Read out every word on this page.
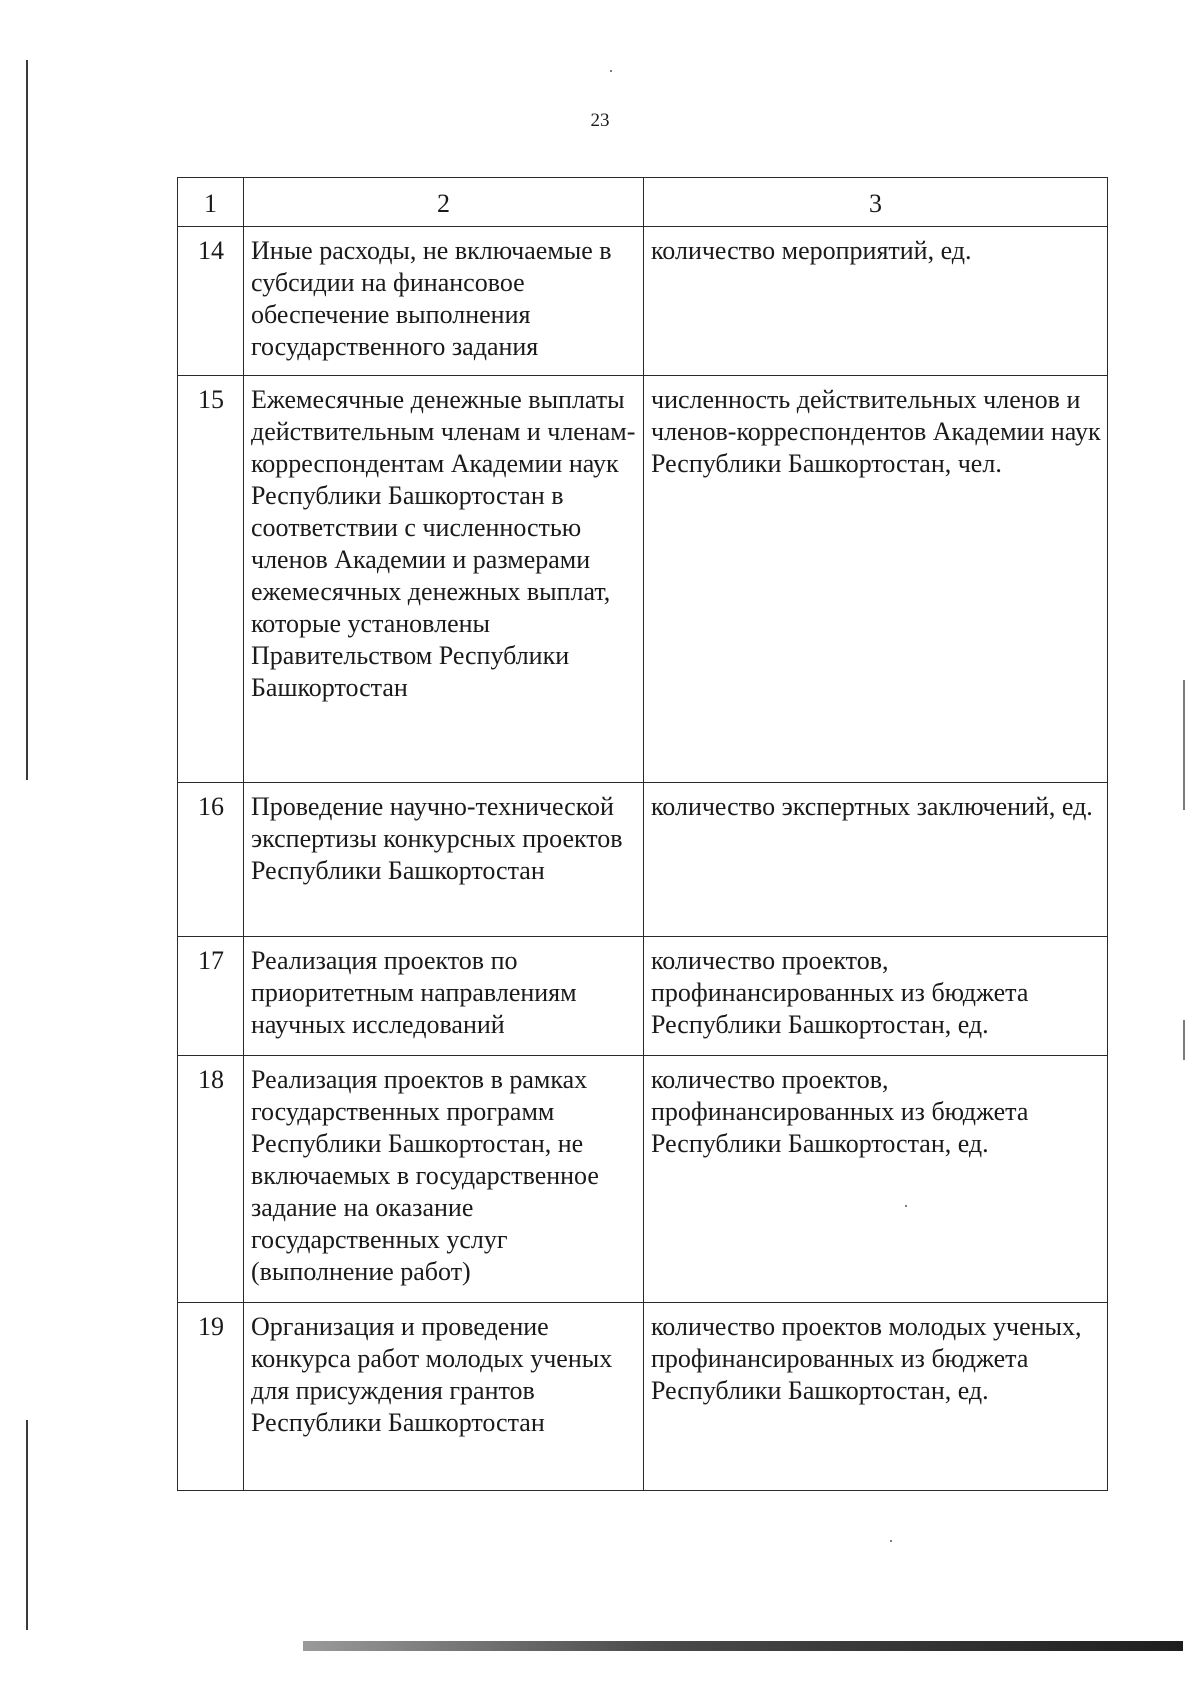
23
1	2	3
14	Иные расходы, не включаемые в субсидии на финансовое обеспечение выполнения государственного задания	количество мероприятий, ед.
15	Ежемесячные денежные выплаты действительным членам и членам-корреспондентам Академии наук Республики Башкортостан в соответствии с численностью членов Академии и размерами ежемесячных денежных выплат, которые установлены Правительством Республики Башкортостан	численность действительных членов и членов-корреспондентов Академии наук Республики Башкортостан, чел.
16	Проведение научно-технической экспертизы конкурсных проектов Республики Башкортостан	количество экспертных заключений, ед.
17	Реализация проектов по приоритетным направлениям научных исследований	количество проектов, профинансированных из бюджета Республики Башкортостан, ед.
18	Реализация проектов в рамках государственных программ Республики Башкортостан, не включаемых в государственное задание на оказание государственных услуг (выполнение работ)	количество проектов, профинансированных из бюджета Республики Башкортостан, ед.
19	Организация и проведение конкурса работ молодых ученых для присуждения грантов Республики Башкортостан	количество проектов молодых ученых, профинансированных из бюджета Республики Башкортостан, ед.
